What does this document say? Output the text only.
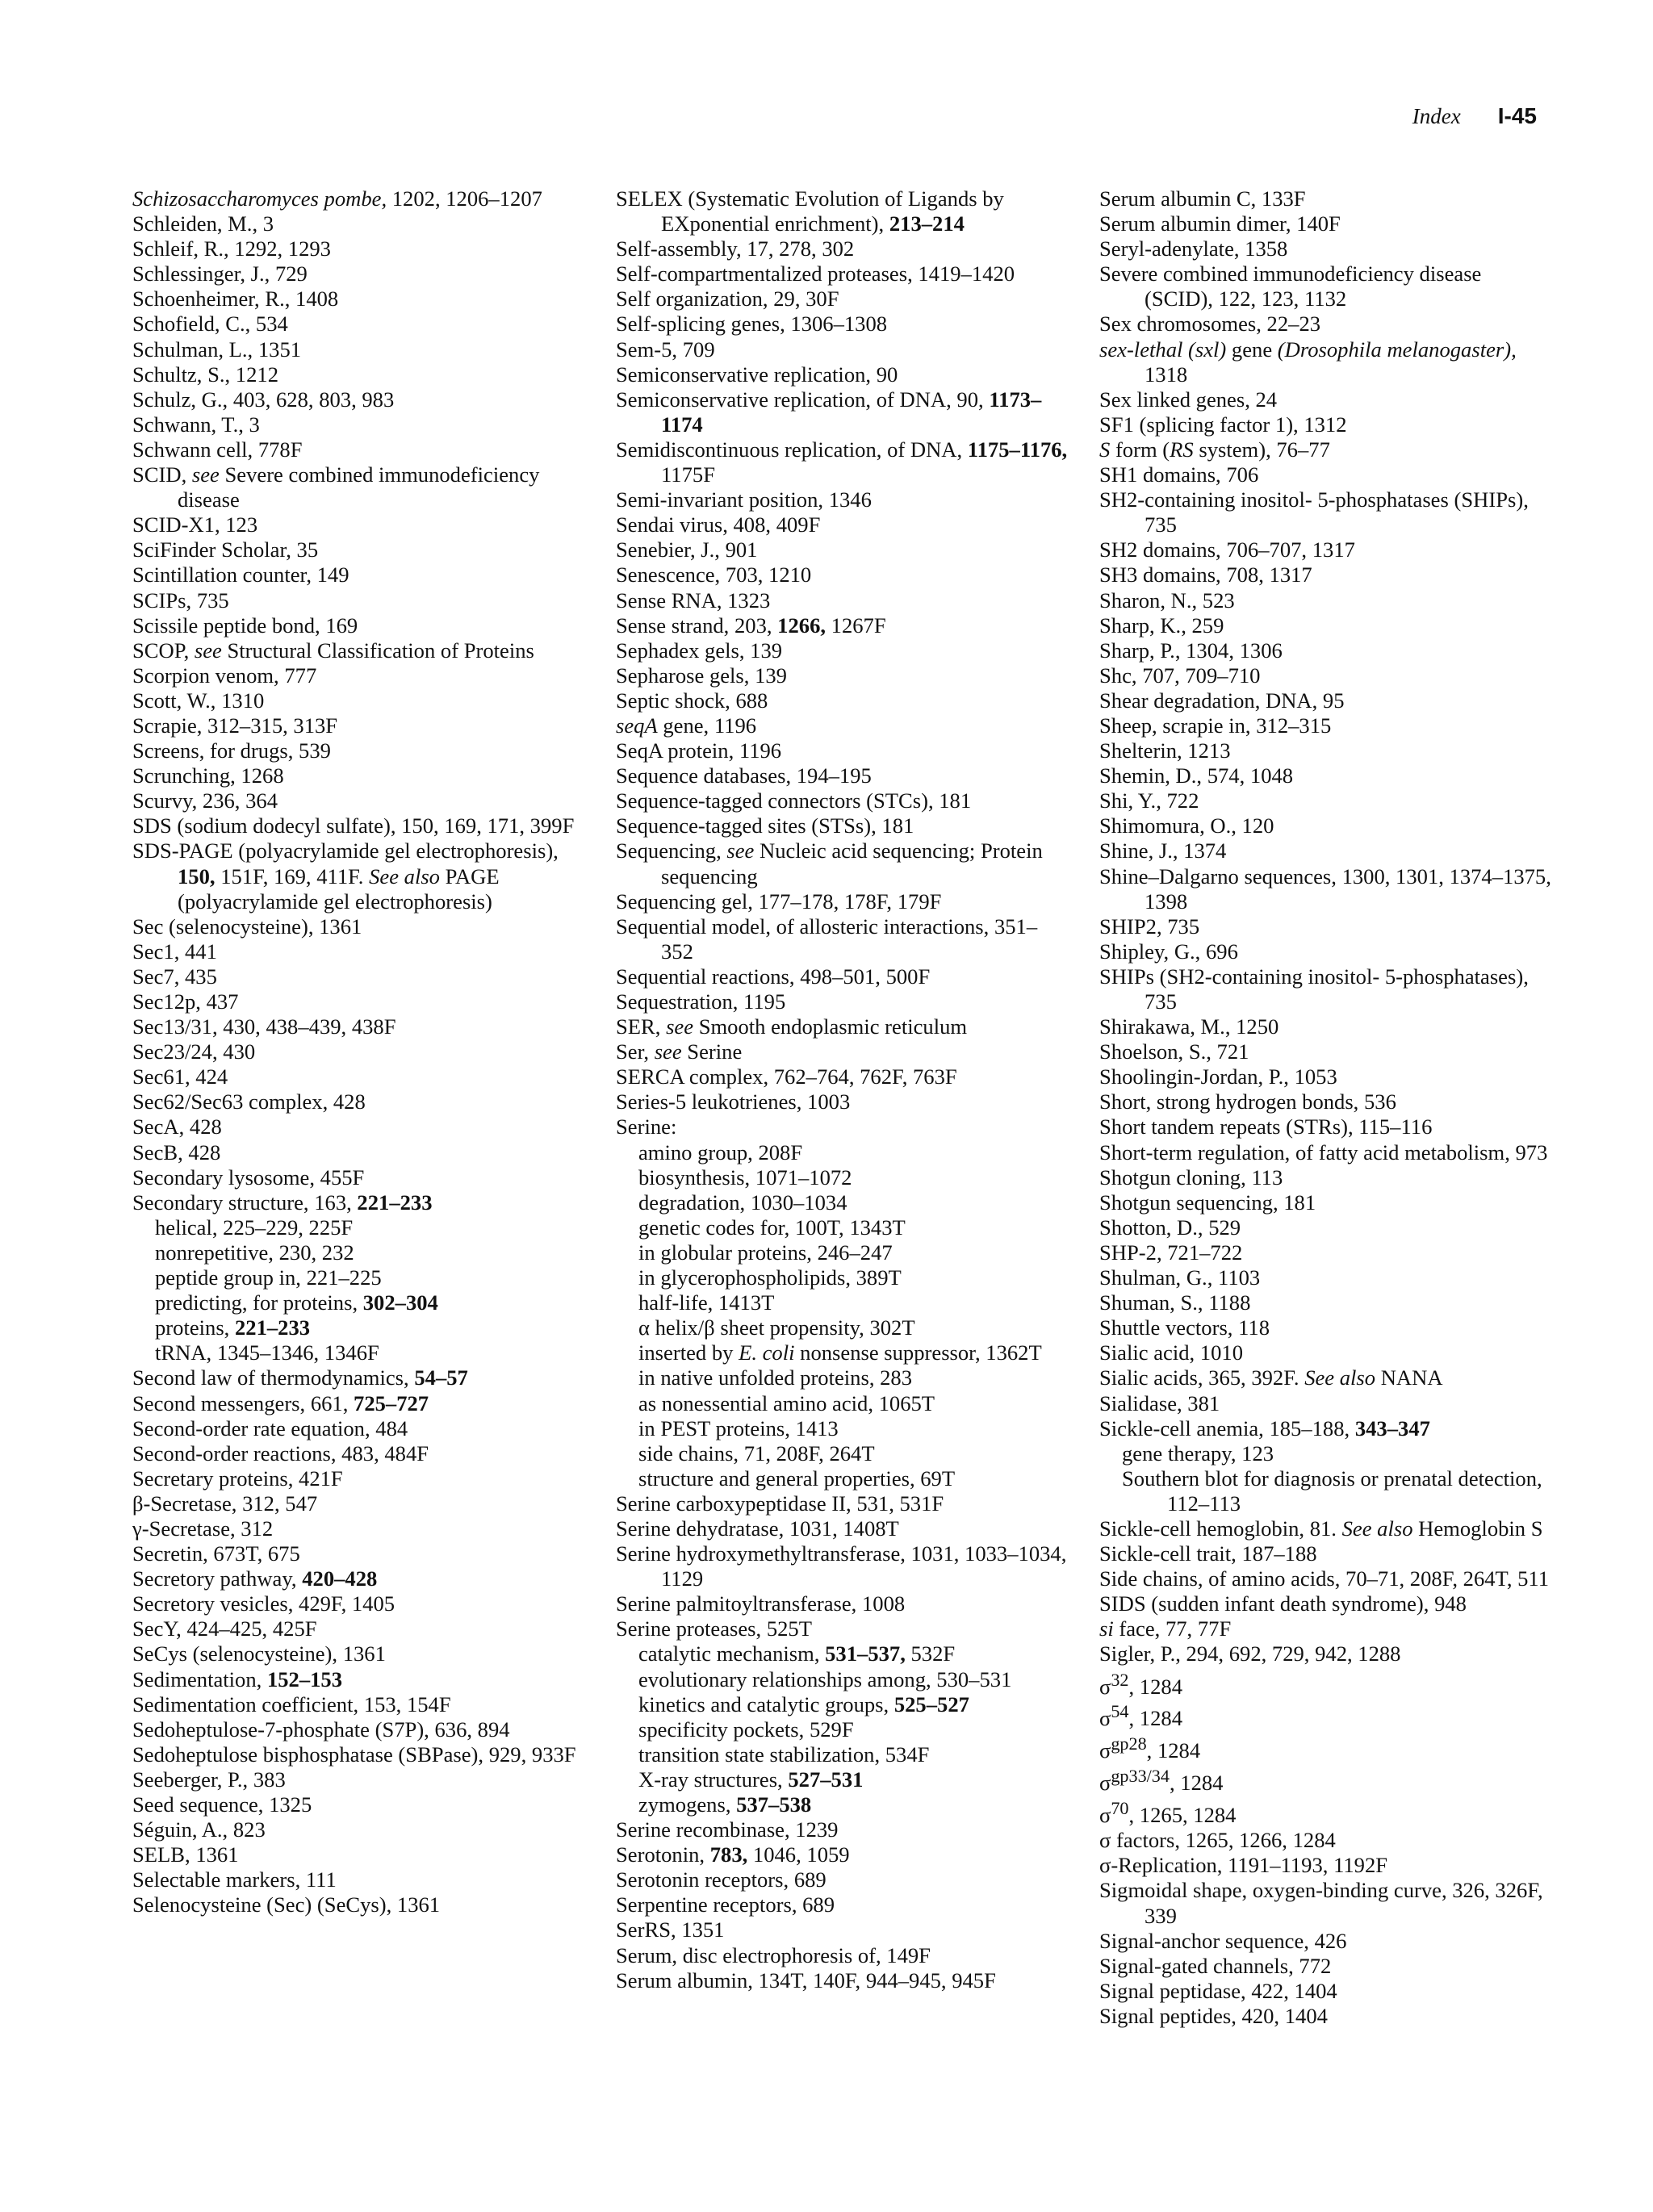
Index I-45
Schizosaccharomyces pombe, 1202, 1206–1207
Schleiden, M., 3
Schleif, R., 1292, 1293
Schlessinger, J., 729
Schoenheimer, R., 1408
Schofield, C., 534
Schulman, L., 1351
Schultz, S., 1212
Schulz, G., 403, 628, 803, 983
Schwann, T., 3
Schwann cell, 778F
SCID, see Severe combined immunodeficiency disease
SCID-X1, 123
SciFinder Scholar, 35
Scintillation counter, 149
SCIPs, 735
Scissile peptide bond, 169
SCOP, see Structural Classification of Proteins
Scorpion venom, 777
Scott, W., 1310
Scrapie, 312–315, 313F
Screens, for drugs, 539
Scrunching, 1268
Scurvy, 236, 364
SDS (sodium dodecyl sulfate), 150, 169, 171, 399F
SDS-PAGE (polyacrylamide gel electrophoresis), 150, 151F, 169, 411F. See also PAGE (polyacrylamide gel electrophoresis)
Sec (selenocysteine), 1361
Sec1, 441
Sec7, 435
Sec12p, 437
Sec13/31, 430, 438–439, 438F
Sec23/24, 430
Sec61, 424
Sec62/Sec63 complex, 428
SecA, 428
SecB, 428
Secondary lysosome, 455F
Secondary structure, 163, 221–233
helical, 225–229, 225F
nonrepetitive, 230, 232
peptide group in, 221–225
predicting, for proteins, 302–304
proteins, 221–233
tRNA, 1345–1346, 1346F
Second law of thermodynamics, 54–57
Second messengers, 661, 725–727
Second-order rate equation, 484
Second-order reactions, 483, 484F
Secretary proteins, 421F
β-Secretase, 312, 547
γ-Secretase, 312
Secretin, 673T, 675
Secretory pathway, 420–428
Secretory vesicles, 429F, 1405
SecY, 424–425, 425F
SeCys (selenocysteine), 1361
Sedimentation, 152–153
Sedimentation coefficient, 153, 154F
Sedoheptulose-7-phosphate (S7P), 636, 894
Sedoheptulose bisphosphatase (SBPase), 929, 933F
Seeberger, P., 383
Seed sequence, 1325
Séguin, A., 823
SELB, 1361
Selectable markers, 111
Selenocysteine (Sec) (SeCys), 1361
SELEX (Systematic Evolution of Ligands by EXponential enrichment), 213–214
Self-assembly, 17, 278, 302
Self-compartmentalized proteases, 1419–1420
Self organization, 29, 30F
Self-splicing genes, 1306–1308
Sem-5, 709
Semiconservative replication, 90
Semiconservative replication, of DNA, 90, 1173–1174
Semidiscontinuous replication, of DNA, 1175–1176, 1175F
Semi-invariant position, 1346
Sendai virus, 408, 409F
Senebier, J., 901
Senescence, 703, 1210
Sense RNA, 1323
Sense strand, 203, 1266, 1267F
Sephadex gels, 139
Sepharose gels, 139
Septic shock, 688
seqA gene, 1196
SeqA protein, 1196
Sequence databases, 194–195
Sequence-tagged connectors (STCs), 181
Sequence-tagged sites (STSs), 181
Sequencing, see Nucleic acid sequencing; Protein sequencing
Sequencing gel, 177–178, 178F, 179F
Sequential model, of allosteric interactions, 351–352
Sequential reactions, 498–501, 500F
Sequestration, 1195
SER, see Smooth endoplasmic reticulum
Ser, see Serine
SERCA complex, 762–764, 762F, 763F
Series-5 leukotrienes, 1003
Serine:
amino group, 208F
biosynthesis, 1071–1072
degradation, 1030–1034
genetic codes for, 100T, 1343T
in globular proteins, 246–247
in glycerophospholipids, 389T
half-life, 1413T
α helix/β sheet propensity, 302T
inserted by E. coli nonsense suppressor, 1362T
in native unfolded proteins, 283
as nonessential amino acid, 1065T
in PEST proteins, 1413
side chains, 71, 208F, 264T
structure and general properties, 69T
Serine carboxypeptidase II, 531, 531F
Serine dehydratase, 1031, 1408T
Serine hydroxymethyltransferase, 1031, 1033–1034, 1129
Serine palmitoyltransferase, 1008
Serine proteases, 525T
catalytic mechanism, 531–537, 532F
evolutionary relationships among, 530–531
kinetics and catalytic groups, 525–527
specificity pockets, 529F
transition state stabilization, 534F
X-ray structures, 527–531
zymogens, 537–538
Serine recombinase, 1239
Serotonin, 783, 1046, 1059
Serotonin receptors, 689
Serpentine receptors, 689
SerRS, 1351
Serum, disc electrophoresis of, 149F
Serum albumin, 134T, 140F, 944–945, 945F
Serum albumin C, 133F
Serum albumin dimer, 140F
Seryl-adenylate, 1358
Severe combined immunodeficiency disease (SCID), 122, 123, 1132
Sex chromosomes, 22–23
sex-lethal (sxl) gene (Drosophila melanogaster), 1318
Sex linked genes, 24
SF1 (splicing factor 1), 1312
S form (RS system), 76–77
SH1 domains, 706
SH2-containing inositol- 5-phosphatases (SHIPs), 735
SH2 domains, 706–707, 1317
SH3 domains, 708, 1317
Sharon, N., 523
Sharp, K., 259
Sharp, P., 1304, 1306
Shc, 707, 709–710
Shear degradation, DNA, 95
Sheep, scrapie in, 312–315
Shelterin, 1213
Shemin, D., 574, 1048
Shi, Y., 722
Shimomura, O., 120
Shine, J., 1374
Shine–Dalgarno sequences, 1300, 1301, 1374–1375, 1398
SHIP2, 735
Shipley, G., 696
SHIPs (SH2-containing inositol- 5-phosphatases), 735
Shirakawa, M., 1250
Shoelson, S., 721
Shoolingin-Jordan, P., 1053
Short, strong hydrogen bonds, 536
Short tandem repeats (STRs), 115–116
Short-term regulation, of fatty acid metabolism, 973
Shotgun cloning, 113
Shotgun sequencing, 181
Shotton, D., 529
SHP-2, 721–722
Shulman, G., 1103
Shuman, S., 1188
Shuttle vectors, 118
Sialic acid, 1010
Sialic acids, 365, 392F. See also NANA
Sialidase, 381
Sickle-cell anemia, 185–188, 343–347
gene therapy, 123
Southern blot for diagnosis or prenatal detection, 112–113
Sickle-cell hemoglobin, 81. See also Hemoglobin S
Sickle-cell trait, 187–188
Side chains, of amino acids, 70–71, 208F, 264T, 511
SIDS (sudden infant death syndrome), 948
si face, 77, 77F
Sigler, P., 294, 692, 729, 942, 1288
$\sigma^{32}$, 1284
$\sigma^{54}$, 1284
$\sigma^{gp28}$, 1284
$\sigma^{gp33/34}$, 1284
$\sigma^{70}$, 1265, 1284
σ factors, 1265, 1266, 1284
σ-Replication, 1191–1193, 1192F
Sigmoidal shape, oxygen-binding curve, 326, 326F, 339
Signal-anchor sequence, 426
Signal-gated channels, 772
Signal peptidase, 422, 1404
Signal peptides, 420, 1404
